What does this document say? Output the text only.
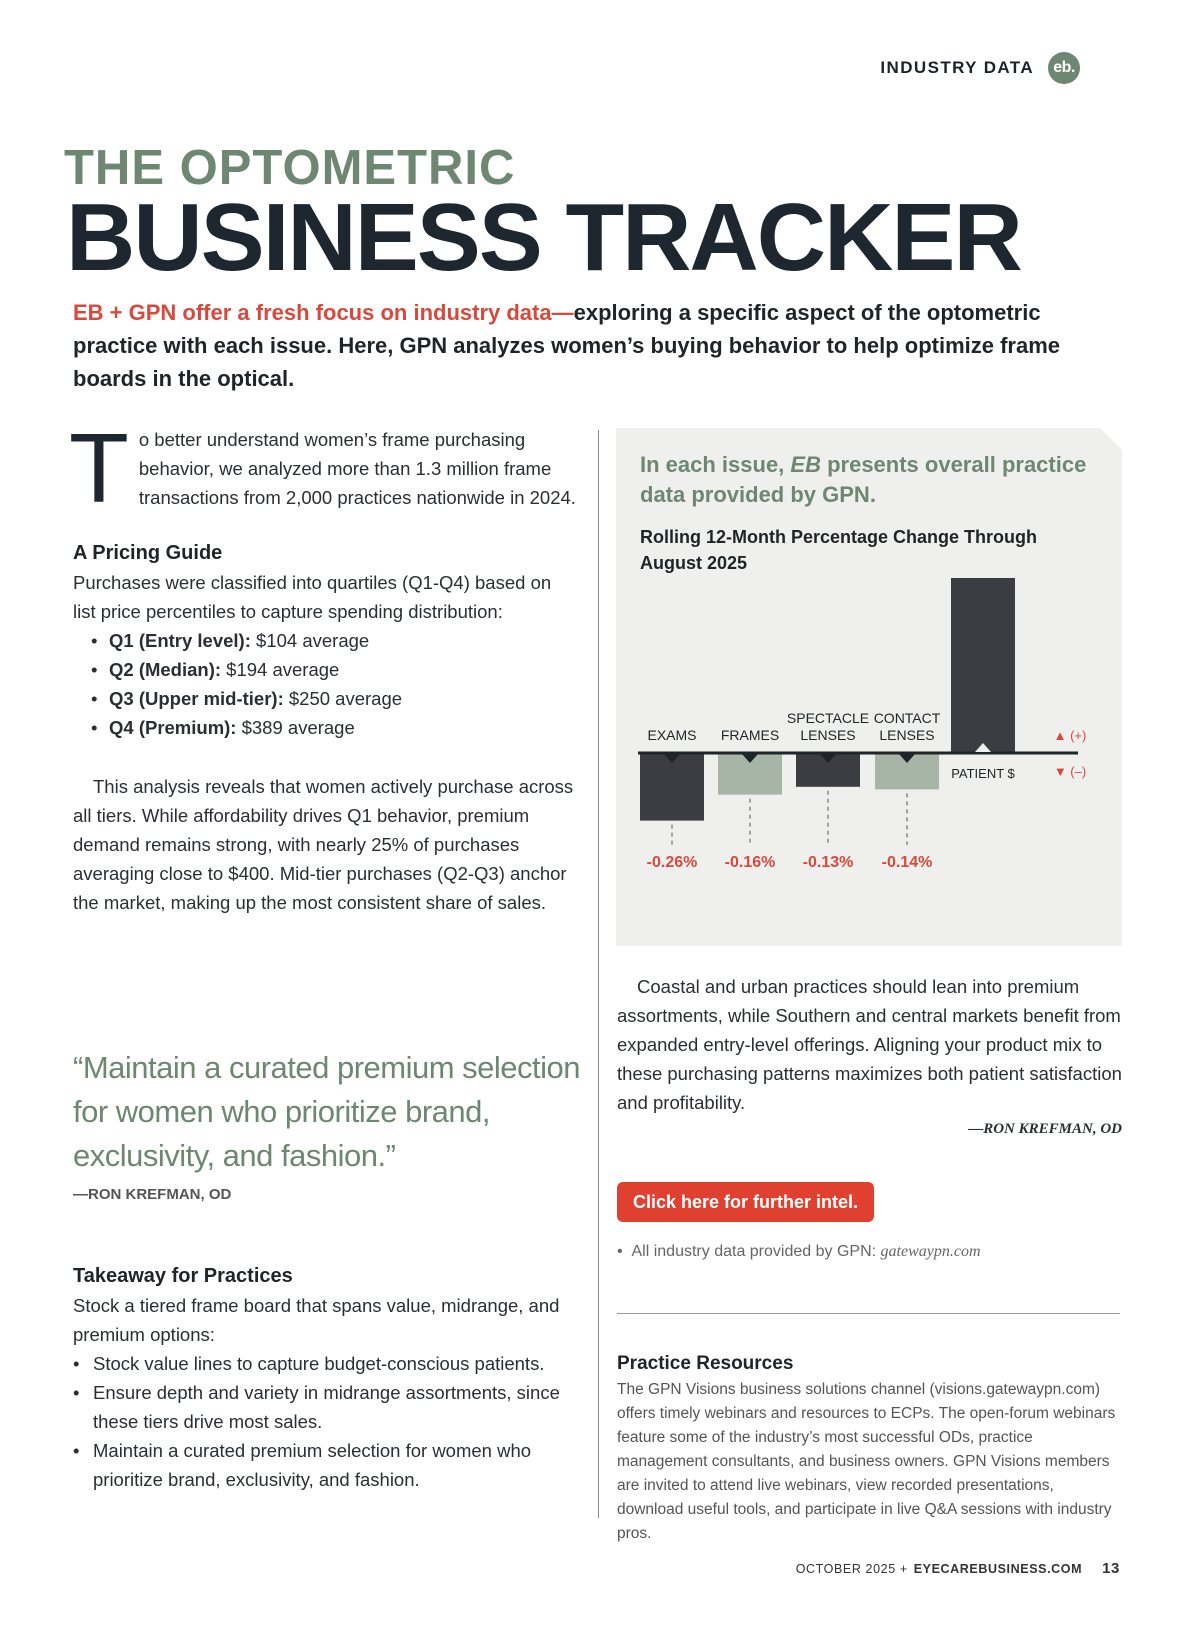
INDUSTRY DATA	eb.
THE OPTOMETRIC
BUSINESS TRACKER
EB + GPN offer a fresh focus on industry data—exploring a specific aspect of the optometric practice with each issue. Here, GPN analyzes women’s buying behavior to help optimize frame boards in the optical.
T o better understand women’s frame purchasing behavior, we analyzed more than 1.3 million frame transactions from 2,000 practices nationwide in 2024.

A Pricing Guide

Purchases were classified into quartiles (Q1-Q4) based on list price percentiles to capture spending distribution:

• Q1 (Entry level): $104 average
• Q2 (Median): $194 average
• Q3 (Upper mid-tier): $250 average
• Q4 (Premium): $389 average

This analysis reveals that women actively purchase across all tiers. While affordability drives Q1 behavior, premium demand remains strong, with nearly 25% of purchases averaging close to $400. Mid-tier purchases (Q2-Q3) anchor the market, making up the most consistent share of sales.

“Maintain a curated premium selection for women who prioritize brand, exclusivity, and fashion.”
—RON KREFMAN, OD
Takeaway for Practices

Stock a tiered frame board that spans value, midrange, and premium options:

• Stock value lines to capture budget-conscious patients.
• Ensure depth and variety in midrange assortments, since these tiers drive most sales.
• Maintain a curated premium selection for women who prioritize brand, exclusivity, and fashion.
In each issue, EB presents overall practice data provided by GPN.
Rolling 12-Month Percentage Change Through August 2025
-0.26% -0.16% -0.13% -0.14%
EXAMS FRAMES
SPECTACLE
LENSES
CONTACT
LENSES
PATIENT $
▲ (+)
▼ (–)

Coastal and urban practices should lean into premium assortments, while Southern and central markets benefit from expanded entry-level offerings. Aligning your product mix to these purchasing patterns maximizes both patient satisfaction and profitability.

—RON KREFMAN, OD

Click here for further intel.
•  All industry data provided by GPN: gatewaypn.com
Practice Resources
The GPN Visions business solutions channel (visions.gatewaypn.com) offers timely webinars and resources to ECPs. The open-forum webinars feature some of the industry’s most successful ODs, practice management consultants, and business owners. GPN Visions members are invited to attend live webinars, view recorded presentations, download useful tools, and participate in live Q&A sessions with industry pros.
OCTOBER 2025 + EYECAREBUSINESS.COM 13
